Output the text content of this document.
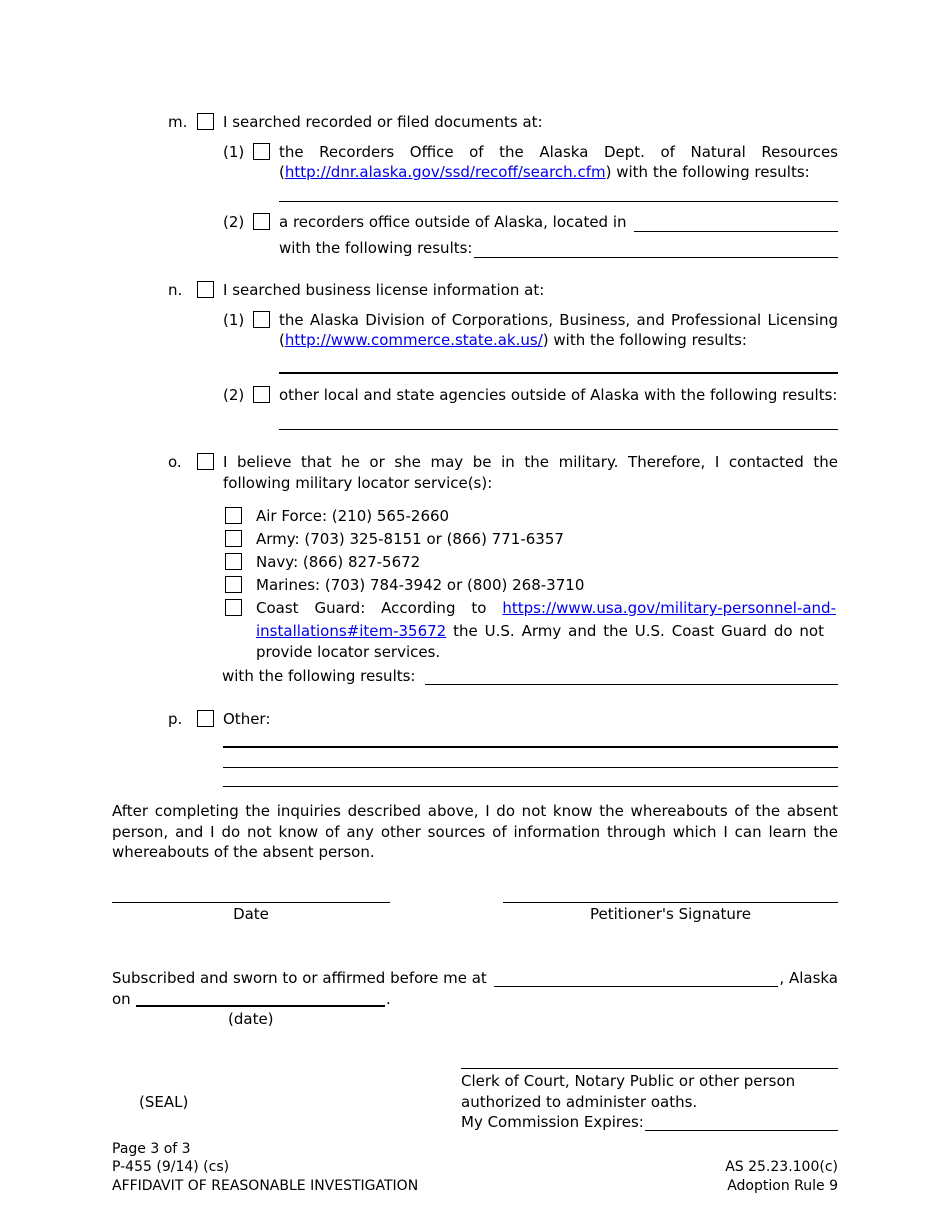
m. I searched recorded or filed documents at:
(1) the Recorders Office of the Alaska Dept. of Natural Resources
(http://dnr.alaska.gov/ssd/recoff/search.cfm) with the following results:
(2) a recorders office outside of Alaska, located in
with the following results:
n.	I searched business license information at:
(1) the Alaska Division of Corporations, Business, and Professional Licensing
(http://www.commerce.state.ak.us/) with the following results:
(2) other local and state agencies outside of Alaska with the following results:
o.	I believe that he or she may be in the military. Therefore, I contacted the
following military locator service(s):
Air Force: (210) 565-2660
Army: (703) 325-8151 or (866) 771-6357
Navy: (866) 827-5672
Marines: (703) 784-3942 or (800) 268-3710
Coast Guard: According to https://www.usa.gov/military-personnel-and-
installations#item-35672 the U.S. Army and the U.S. Coast Guard do not
provide locator services.
with the following results:
p.	Other:
After completing the inquiries described above, I do not know the whereabouts of the absent
person, and I do not know of any other sources of information through which I can learn the
whereabouts of the absent person.
Date	Petitioner's Signature
Subscribed and sworn to or affirmed before me at	, Alaska
on	.
(date)
(SEAL)
Clerk of Court, Notary Public or other person
authorized to administer oaths.
My Commission Expires:
Page 3 of 3
P-455 (9/14) (cs)
AFFIDAVIT OF REASONABLE INVESTIGATION
AS 25.23.100(c)
Adoption Rule 9
